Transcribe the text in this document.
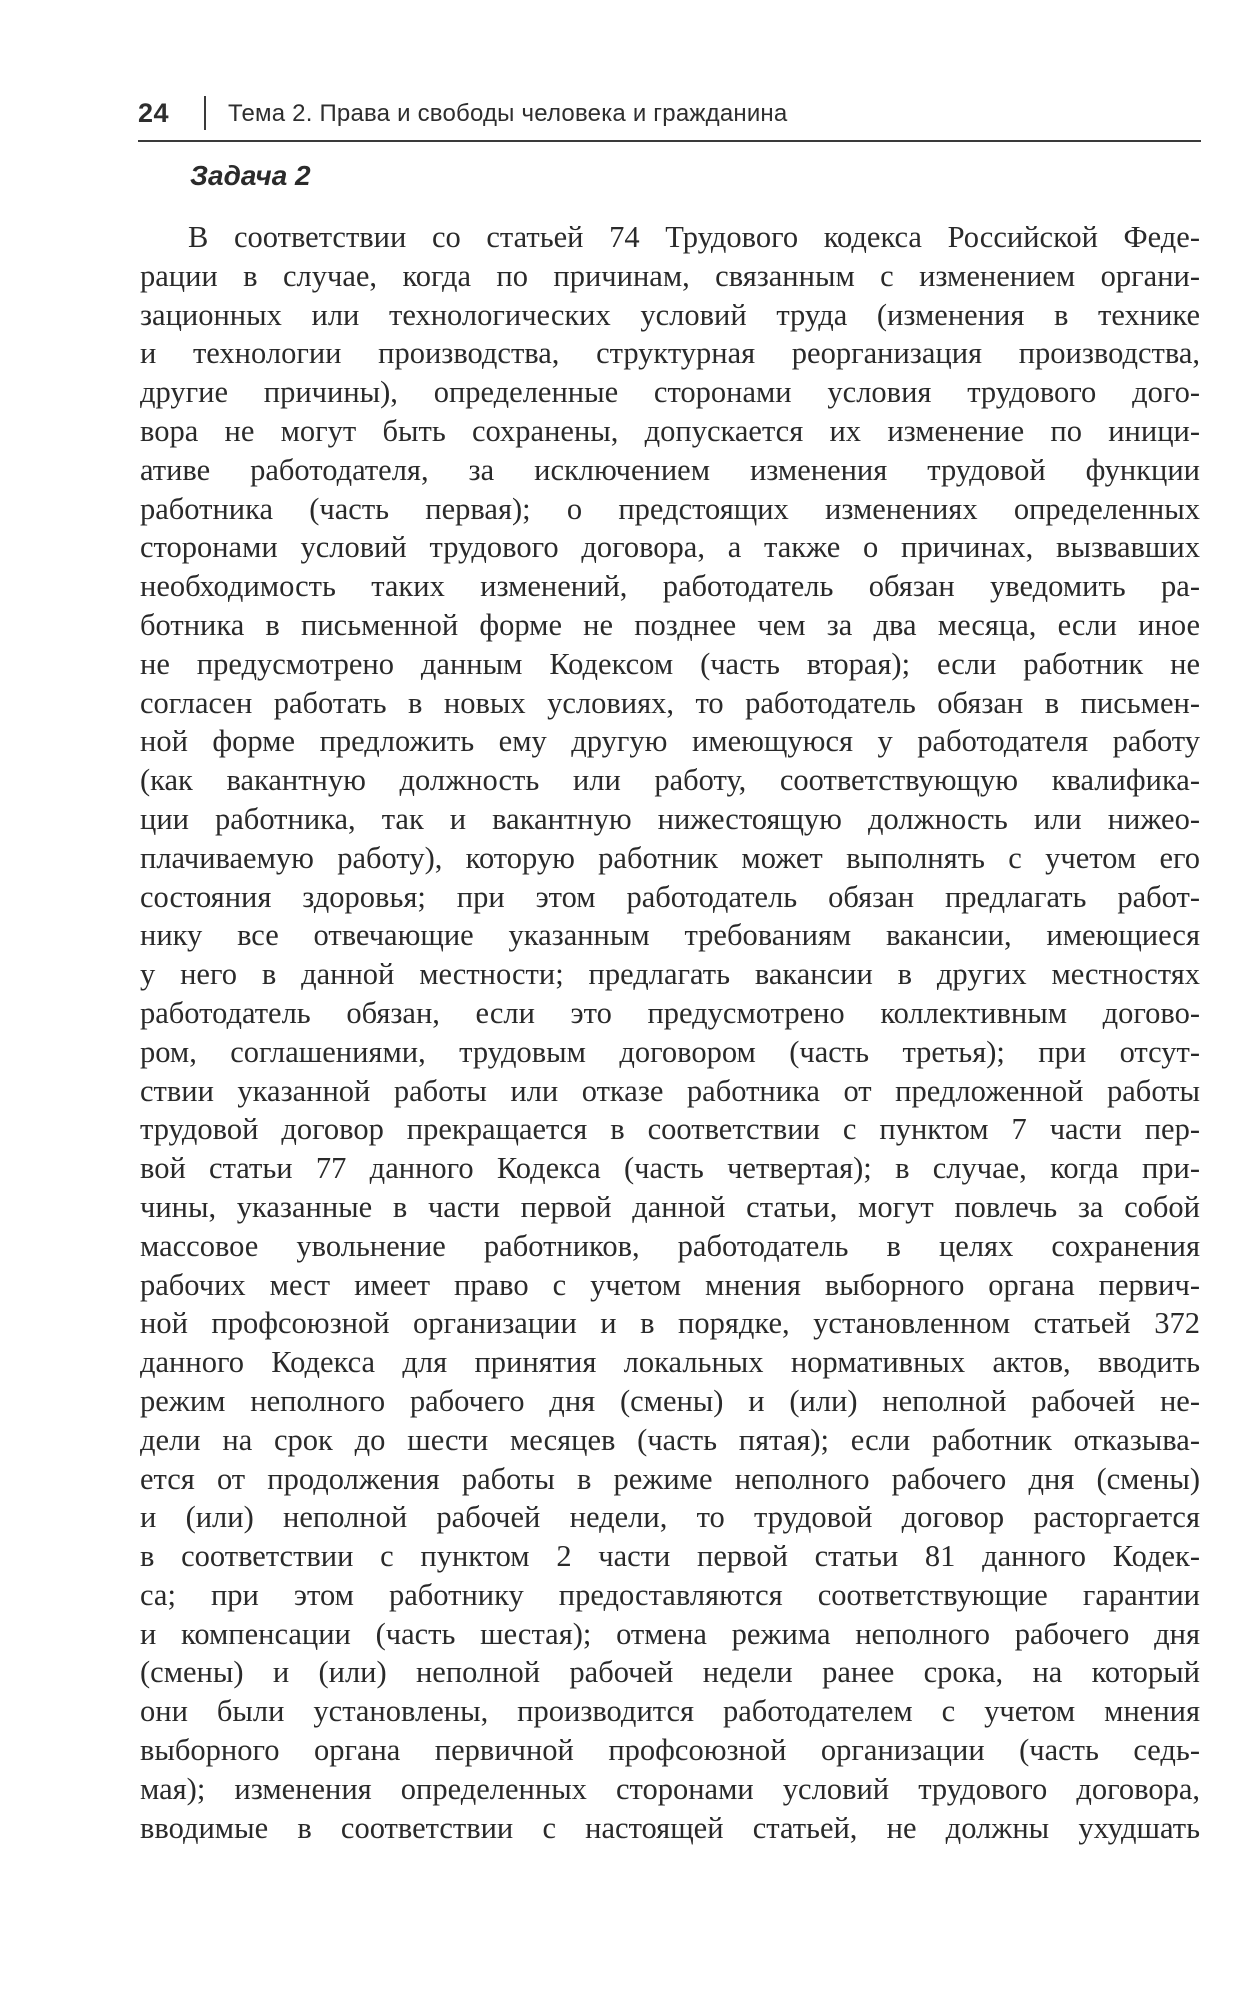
24 Тема 2. Права и свободы человека и гражданина
Задача 2

В соответствии со статьей 74 Трудового кодекса Российской Феде-
рации в случае, когда по причинам, связанным с изменением органи-
зационных или технологических условий труда (изменения в технике
и технологии производства, структурная реорганизация производства,
другие причины), определенные сторонами условия трудового дого-
вора не могут быть сохранены, допускается их изменение по иници-
ативе работодателя, за исключением изменения трудовой функции
работника (часть первая); о предстоящих изменениях определенных
сторонами условий трудового договора, а также о причинах, вызвавших
необходимость таких изменений, работодатель обязан уведомить ра-
ботника в письменной форме не позднее чем за два месяца, если иное
не предусмотрено данным Кодексом (часть вторая); если работник не
согласен работать в новых условиях, то работодатель обязан в письмен-
ной форме предложить ему другую имеющуюся у работодателя работу
(как вакантную должность или работу, соответствующую квалифика-
ции работника, так и вакантную нижестоящую должность или нижео-
плачиваемую работу), которую работник может выполнять с учетом его
состояния здоровья; при этом работодатель обязан предлагать работ-
нику все отвечающие указанным требованиям вакансии, имеющиеся
у него в данной местности; предлагать вакансии в других местностях
работодатель обязан, если это предусмотрено коллективным догово-
ром, соглашениями, трудовым договором (часть третья); при отсут-
ствии указанной работы или отказе работника от предложенной работы
трудовой договор прекращается в соответствии с пунктом 7 части пер-
вой статьи 77 данного Кодекса (часть четвертая); в случае, когда при-
чины, указанные в части первой данной статьи, могут повлечь за собой
массовое увольнение работников, работодатель в целях сохранения
рабочих мест имеет право с учетом мнения выборного органа первич-
ной профсоюзной организации и в порядке, установленном статьей 372
данного Кодекса для принятия локальных нормативных актов, вводить
режим неполного рабочего дня (смены) и (или) неполной рабочей не-
дели на срок до шести месяцев (часть пятая); если работник отказыва-
ется от продолжения работы в режиме неполного рабочего дня (смены)
и (или) неполной рабочей недели, то трудовой договор расторгается
в соответствии с пунктом 2 части первой статьи 81 данного Кодек-
са; при этом работнику предоставляются соответствующие гарантии
и компенсации (часть шестая); отмена режима неполного рабочего дня
(смены) и (или) неполной рабочей недели ранее срока, на который
они были установлены, производится работодателем с учетом мнения
выборного органа первичной профсоюзной организации (часть седь-
мая); изменения определенных сторонами условий трудового договора,
вводимые в соответствии с настоящей статьей, не должны ухудшать
